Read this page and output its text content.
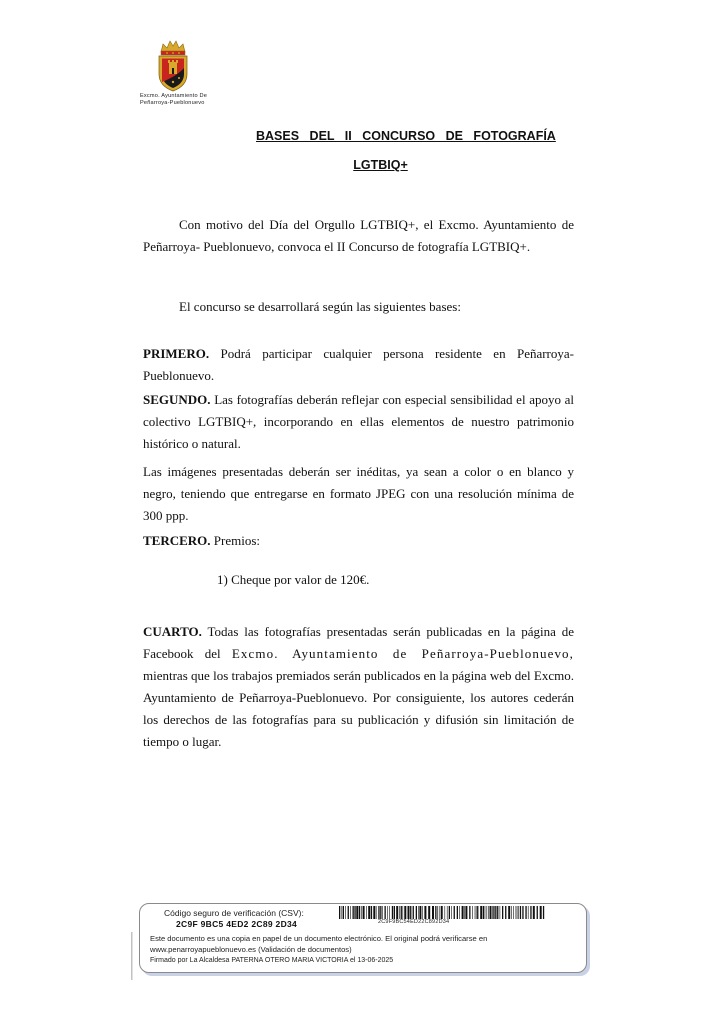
Excmo. Ayuntamiento De
Peñarroya-Pueblonuevo
BASES DEL II CONCURSO DE FOTOGRAFÍA
LGTBIQ+
Con motivo del Día del Orgullo LGTBIQ+, el Excmo. Ayuntamiento de Peñarroya- Pueblonuevo, convoca el II Concurso de fotografía LGTBIQ+.
El concurso se desarrollará según las siguientes bases:
PRIMERO. Podrá participar cualquier persona residente en Peñarroya-Pueblonuevo.
SEGUNDO. Las fotografías deberán reflejar con especial sensibilidad el apoyo al colectivo LGTBIQ+, incorporando en ellas elementos de nuestro patrimonio histórico o natural.
Las imágenes presentadas deberán ser inéditas, ya sean a color o en blanco y negro, teniendo que entregarse en formato JPEG con una resolución mínima de 300 ppp.
TERCERO. Premios:
1) Cheque por valor de 120€.
CUARTO. Todas las fotografías presentadas serán publicadas en la página de Facebook del Excmo. Ayuntamiento de Peñarroya-Pueblonuevo, mientras que los trabajos premiados serán publicados en la página web del Excmo. Ayuntamiento de Peñarroya-Pueblonuevo. Por consiguiente, los autores cederán los derechos de las fotografías para su publicación y difusión sin limitación de tiempo o lugar.
Código seguro de verificación (CSV):
2C9F 9BC5 4ED2 2C89 2D34	2C9F9BC54ED22C892D34
Este documento es una copia en papel de un documento electrónico. El original podrá verificarse en
www.penarroyapueblonuevo.es (Validación de documentos)
Firmado por La Alcaldesa PATERNA OTERO MARIA VICTORIA el 13-06-2025
